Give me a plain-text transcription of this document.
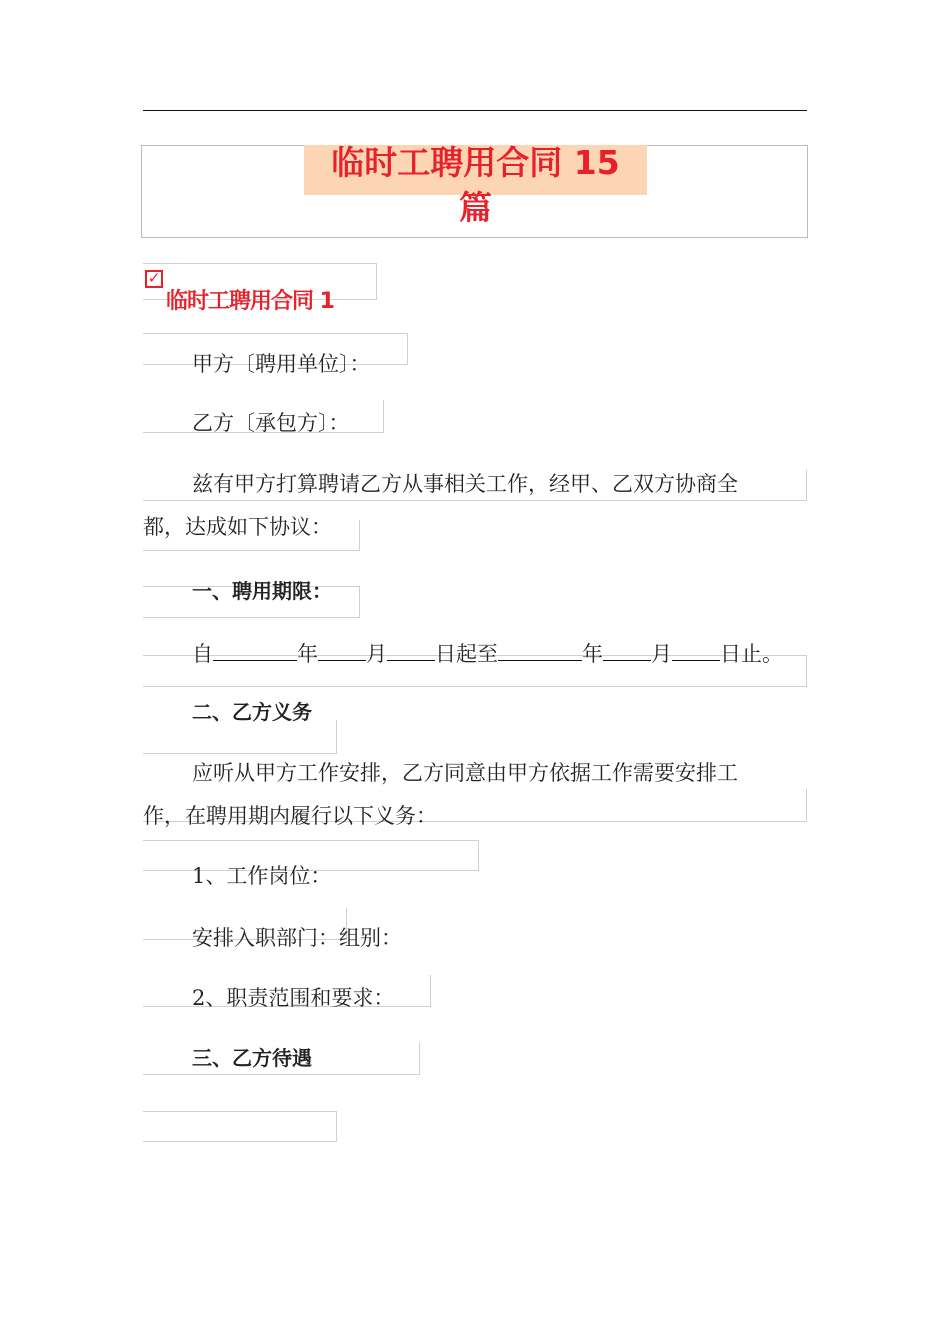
临时工聘用合同 15
篇
✓
临时工聘用合同 1
甲方〔聘用单位〕：
乙方〔承包方〕：
兹有甲方打算聘请乙方从事相关工作，经甲、乙双方协商全
都，达成如下协议：
一、聘用期限：
自	年 月 日起至	年 月 日止。
二、乙方义务
应听从甲方工作安排，乙方同意由甲方依据工作需要安排工
作，在聘用期内履行以下义务：
1、工作岗位：
安排入职部门：组别：
2、职责范围和要求：
三、乙方待遇
